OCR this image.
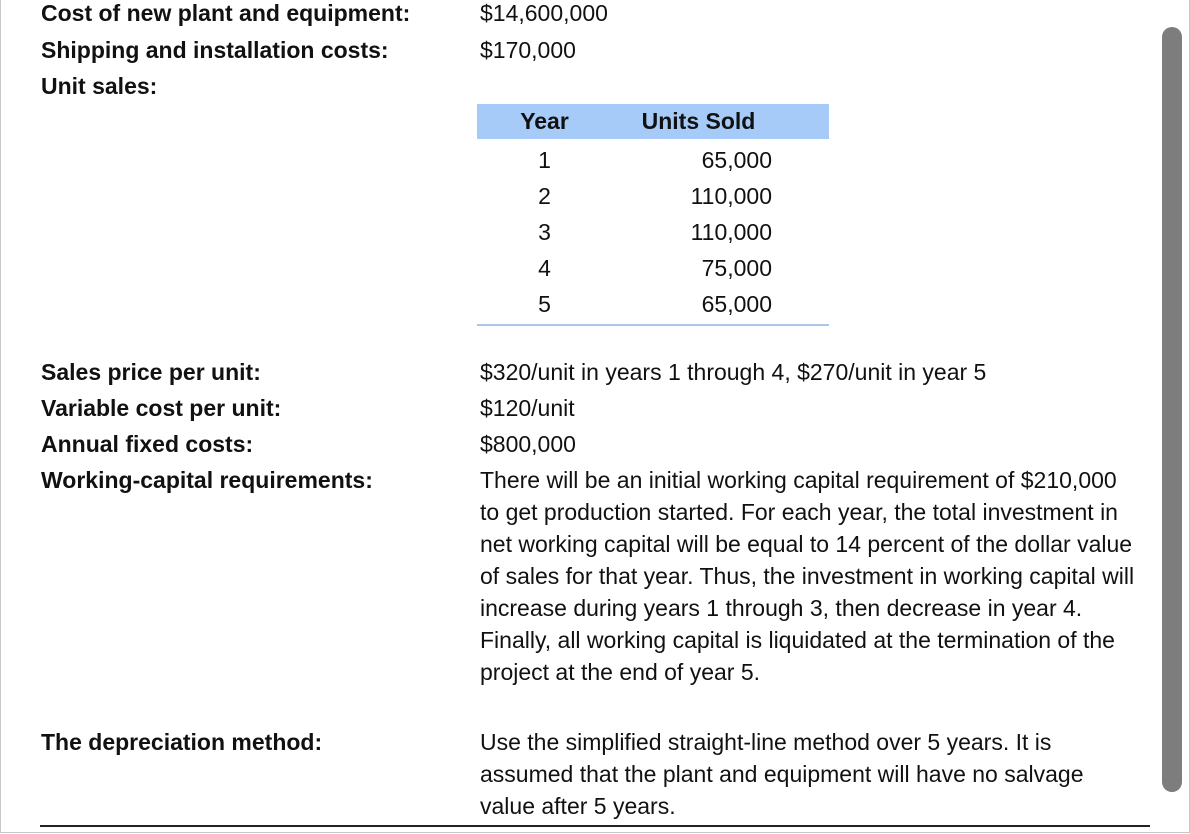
Cost of new plant and equipment:	$14,600,000
Shipping and installation costs:	$170,000
Unit sales:
Year	Units Sold
1	65,000
2	110,000
3	110,000
4	75,000
5	65,000
Sales price per unit:	$320/unit in years 1 through 4, $270/unit in year 5
Variable cost per unit:	$120/unit
Annual fixed costs:	$800,000
Working-capital requirements:	There will be an initial working capital requirement of $210,000 to get production started. For each year, the total investment in net working capital will be equal to 14 percent of the dollar value of sales for that year. Thus, the investment in working capital will increase during years 1 through 3, then decrease in year 4. Finally, all working capital is liquidated at the termination of the project at the end of year 5.
The depreciation method:	Use the simplified straight-line method over 5 years. It is assumed that the plant and equipment will have no salvage value after 5 years.
